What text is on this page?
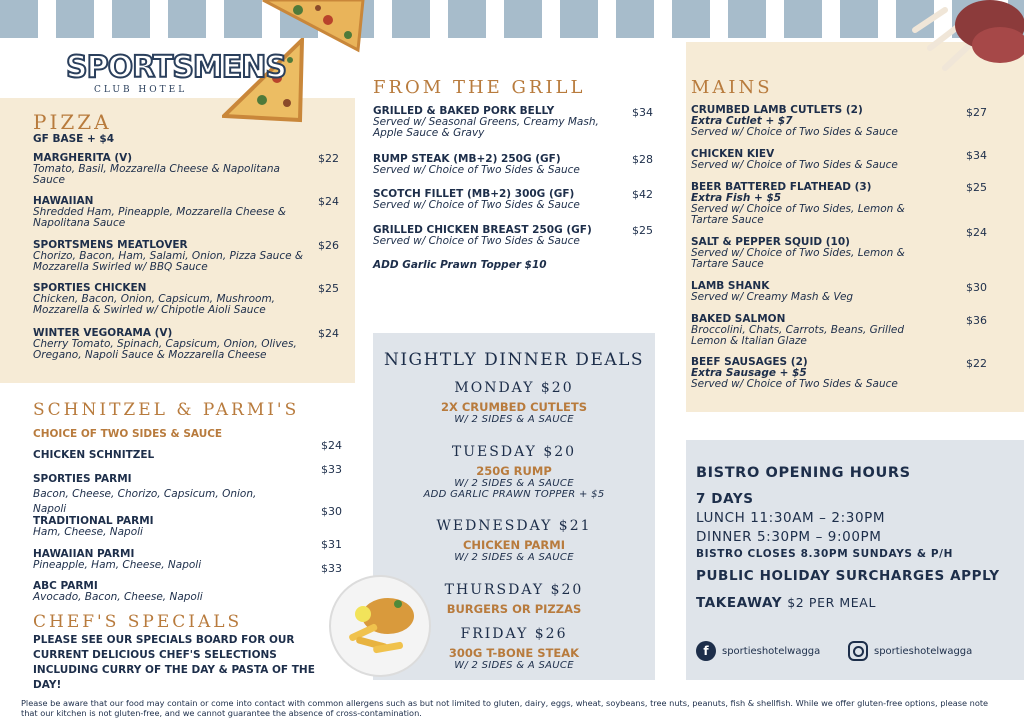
SPORTSMENS
CLUB HOTEL
PIZZA
GF BASE + $4
MARGHERITA (V)
Tomato, Basil, Mozzarella Cheese & Napolitana Sauce
$22
HAWAIIAN
Shredded Ham, Pineapple, Mozzarella Cheese & Napolitana Sauce
$24
SPORTSMENS MEATLOVER
Chorizo, Bacon, Ham, Salami, Onion, Pizza Sauce & Mozzarella Swirled w/ BBQ Sauce
$26
SPORTIES CHICKEN
Chicken, Bacon, Onion, Capsicum, Mushroom, Mozzarella & Swirled w/ Chipotle Aioli Sauce
$25
WINTER VEGORAMA (V)
Cherry Tomato, Spinach, Capsicum, Onion, Olives, Oregano, Napoli Sauce & Mozzarella Cheese
$24
SCHNITZEL & PARMI'S
CHOICE OF TWO SIDES & SAUCE
CHICKEN SCHNITZEL
$24
SPORTIES PARMI
Bacon, Cheese, Chorizo, Capsicum, Onion, Napoli
$33
TRADITIONAL PARMI
Ham, Cheese, Napoli
$30
HAWAIIAN PARMI
Pineapple, Ham, Cheese, Napoli
$31
ABC PARMI
Avocado, Bacon, Cheese, Napoli
$33
CHEF'S SPECIALS
PLEASE SEE OUR SPECIALS BOARD FOR OUR CURRENT DELICIOUS CHEF'S SELECTIONS INCLUDING CURRY OF THE DAY & PASTA OF THE DAY!
FROM THE GRILL
GRILLED & BAKED PORK BELLY
Served w/ Seasonal Greens, Creamy Mash, Apple Sauce & Gravy
$34
RUMP STEAK (MB+2) 250G (GF)
Served w/ Choice of Two Sides & Sauce
$28
SCOTCH FILLET (MB+2) 300G (GF)
Served w/ Choice of Two Sides & Sauce
$42
GRILLED CHICKEN BREAST 250G (GF)
Served w/ Choice of Two Sides & Sauce
$25
ADD Garlic Prawn Topper $10
NIGHTLY DINNER DEALS
MONDAY $20
2X CRUMBED CUTLETS
W/ 2 SIDES & A SAUCE
TUESDAY $20
250G RUMP
W/ 2 SIDES & A SAUCE
ADD GARLIC PRAWN TOPPER + $5
WEDNESDAY $21
CHICKEN PARMI
W/ 2 SIDES & A SAUCE
THURSDAY $20
BURGERS OR PIZZAS
FRIDAY $26
300G T-BONE STEAK
W/ 2 SIDES & A SAUCE
MAINS
CRUMBED LAMB CUTLETS (2)
Extra Cutlet + $7
Served w/ Choice of Two Sides & Sauce
$27
CHICKEN KIEV
Served w/ Choice of Two Sides & Sauce
$34
BEER BATTERED FLATHEAD (3)
Extra Fish + $5
Served w/ Choice of Two Sides, Lemon & Tartare Sauce
$25
SALT & PEPPER SQUID (10)
Served w/ Choice of Two Sides, Lemon & Tartare Sauce
$24
LAMB SHANK
Served w/ Creamy Mash & Veg
$30
BAKED SALMON
Broccolini, Chats, Carrots, Beans, Grilled Lemon & Italian Glaze
$36
BEEF SAUSAGES (2)
Extra Sausage + $5
Served w/ Choice of Two Sides & Sauce
$22
BISTRO OPENING HOURS
7 DAYS
LUNCH 11:30AM – 2:30PM
DINNER 5:30PM – 9:00PM
BISTRO CLOSES 8.30PM SUNDAYS & P/H
PUBLIC HOLIDAY SURCHARGES APPLY
TAKEAWAY $2 PER MEAL
f	sportieshotelwagga	sportieshotelwagga
Please be aware that our food may contain or come into contact with common allergens such as but not limited to gluten, dairy, eggs, wheat, soybeans, tree nuts, peanuts, fish & shellfish. While we offer gluten-free options, please note that our kitchen is not gluten-free, and we cannot guarantee the absence of cross-contamination.
